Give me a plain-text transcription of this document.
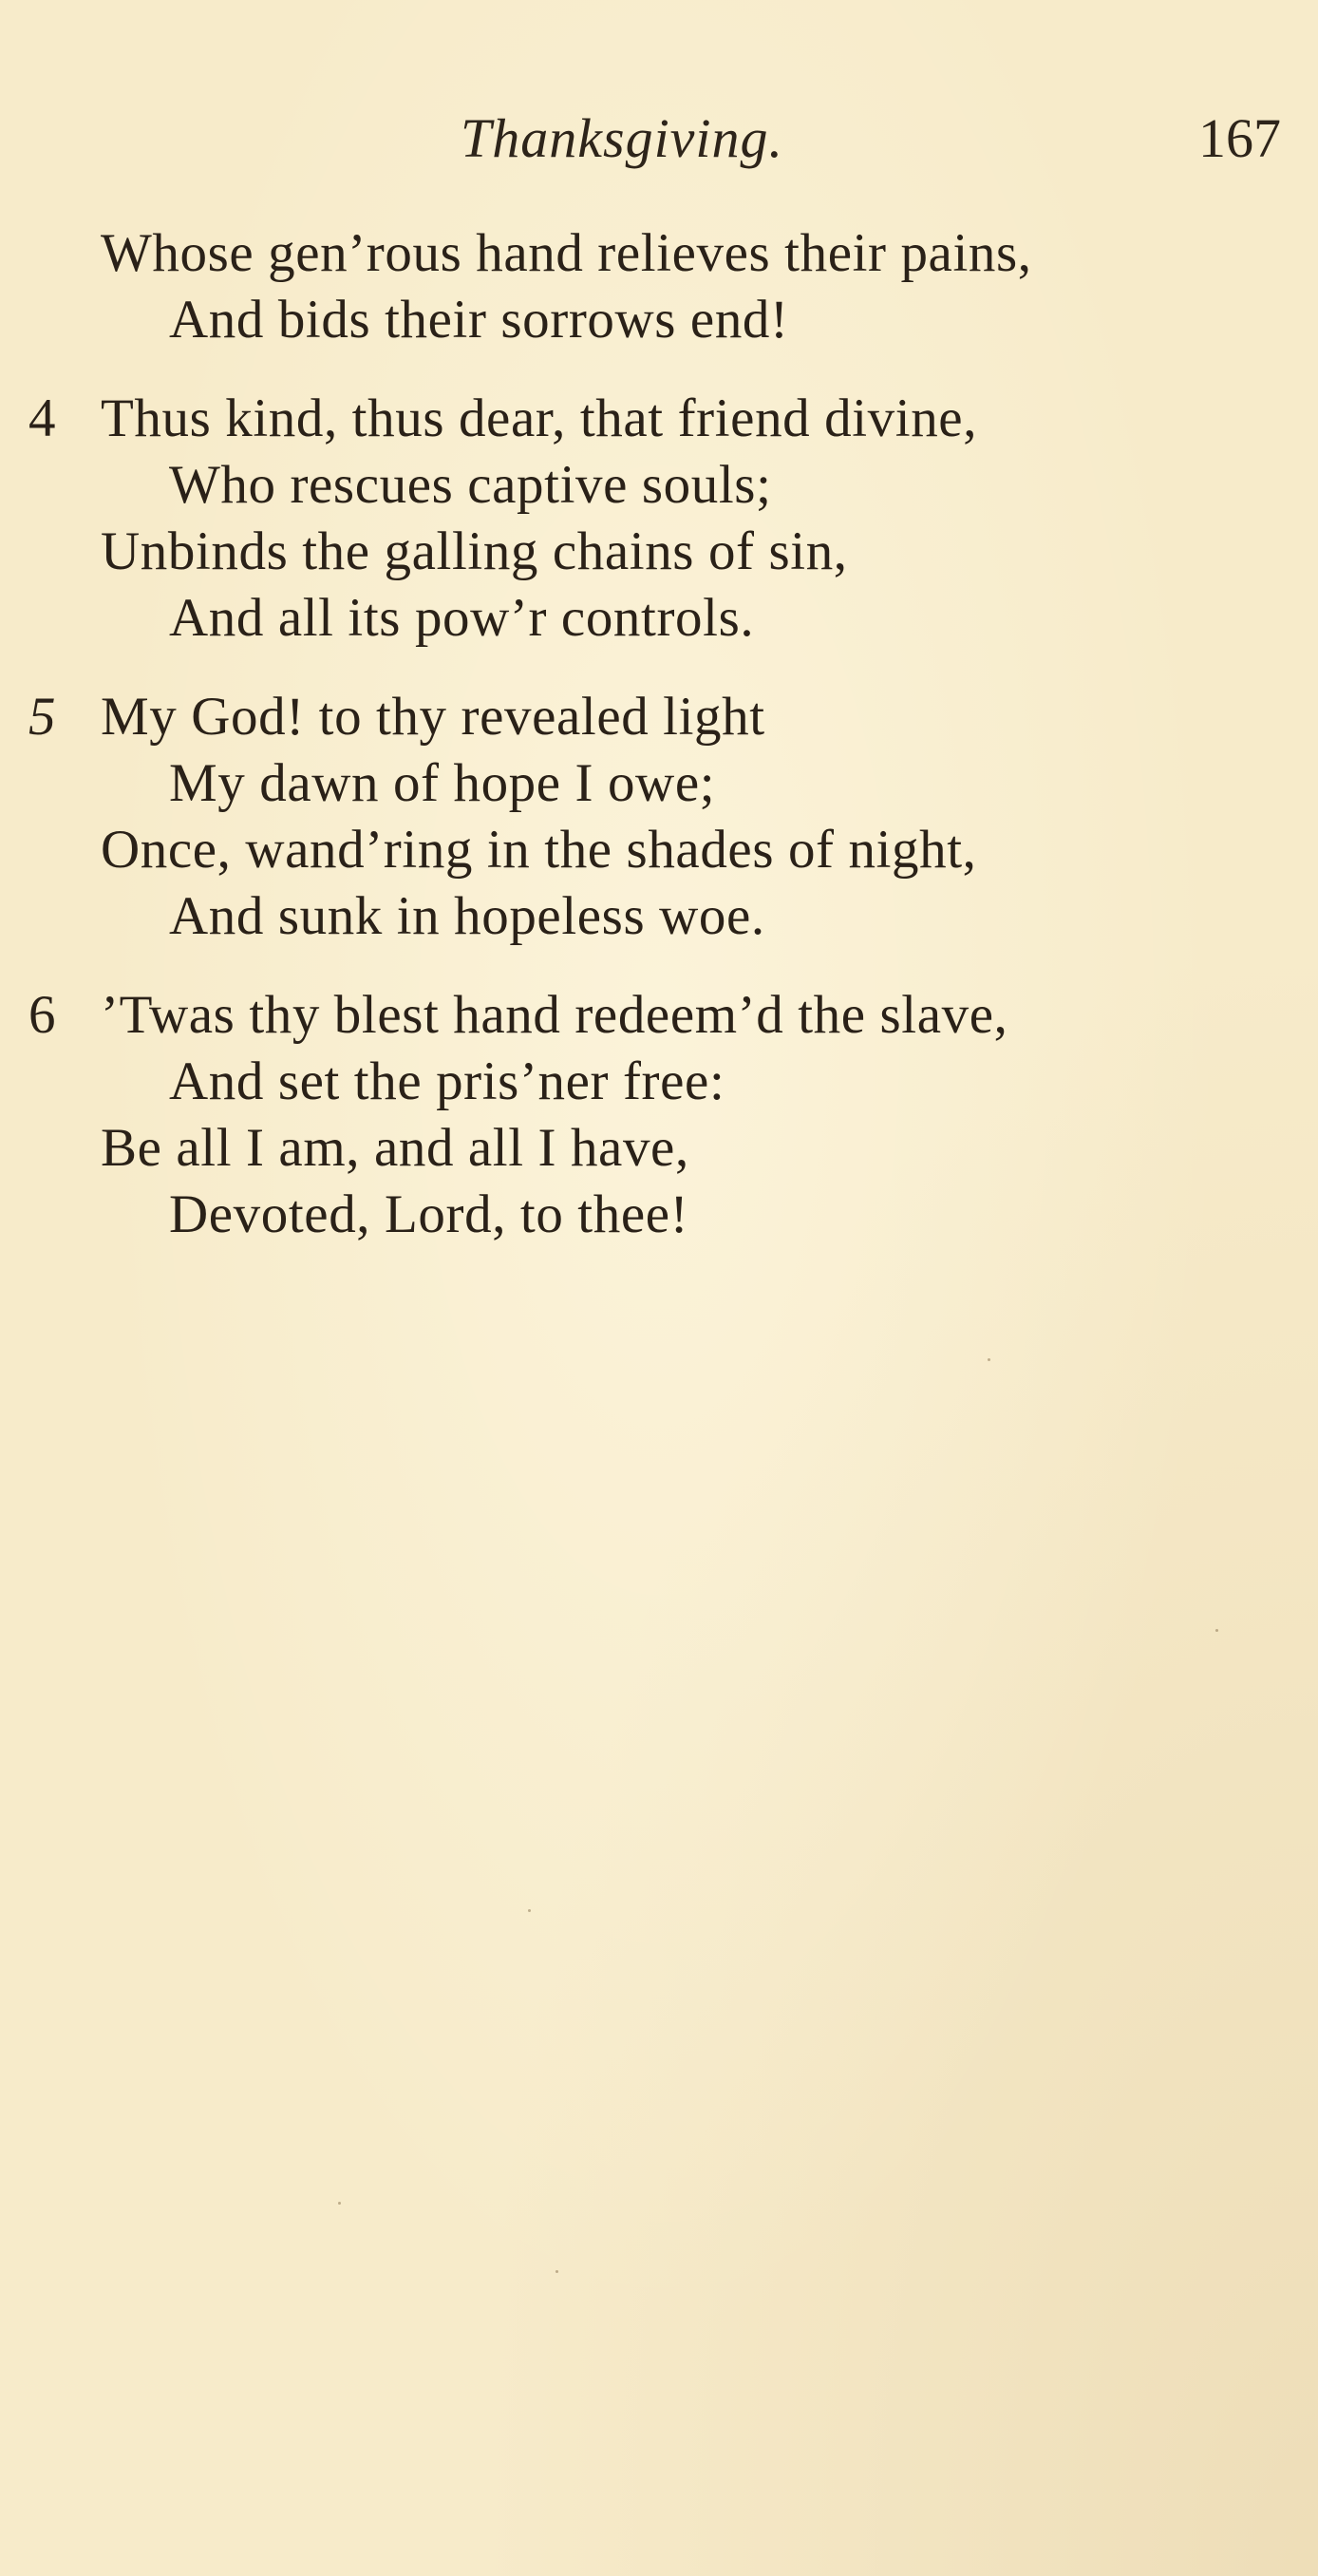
Thanksgiving.	167
Whose gen’rous hand relieves their pains,
And bids their sorrows end!
4 Thus kind, thus dear, that friend divine,
Who rescues captive souls;
Unbinds the galling chains of sin,
And all its pow’r controls.
5 My God! to thy revealed light
My dawn of hope I owe;
Once, wand’ring in the shades of night,
And sunk in hopeless woe.
6 ’Twas thy blest hand redeem’d the slave,
And set the pris’ner free:
Be all I am, and all I have,
Devoted, Lord, to thee!
